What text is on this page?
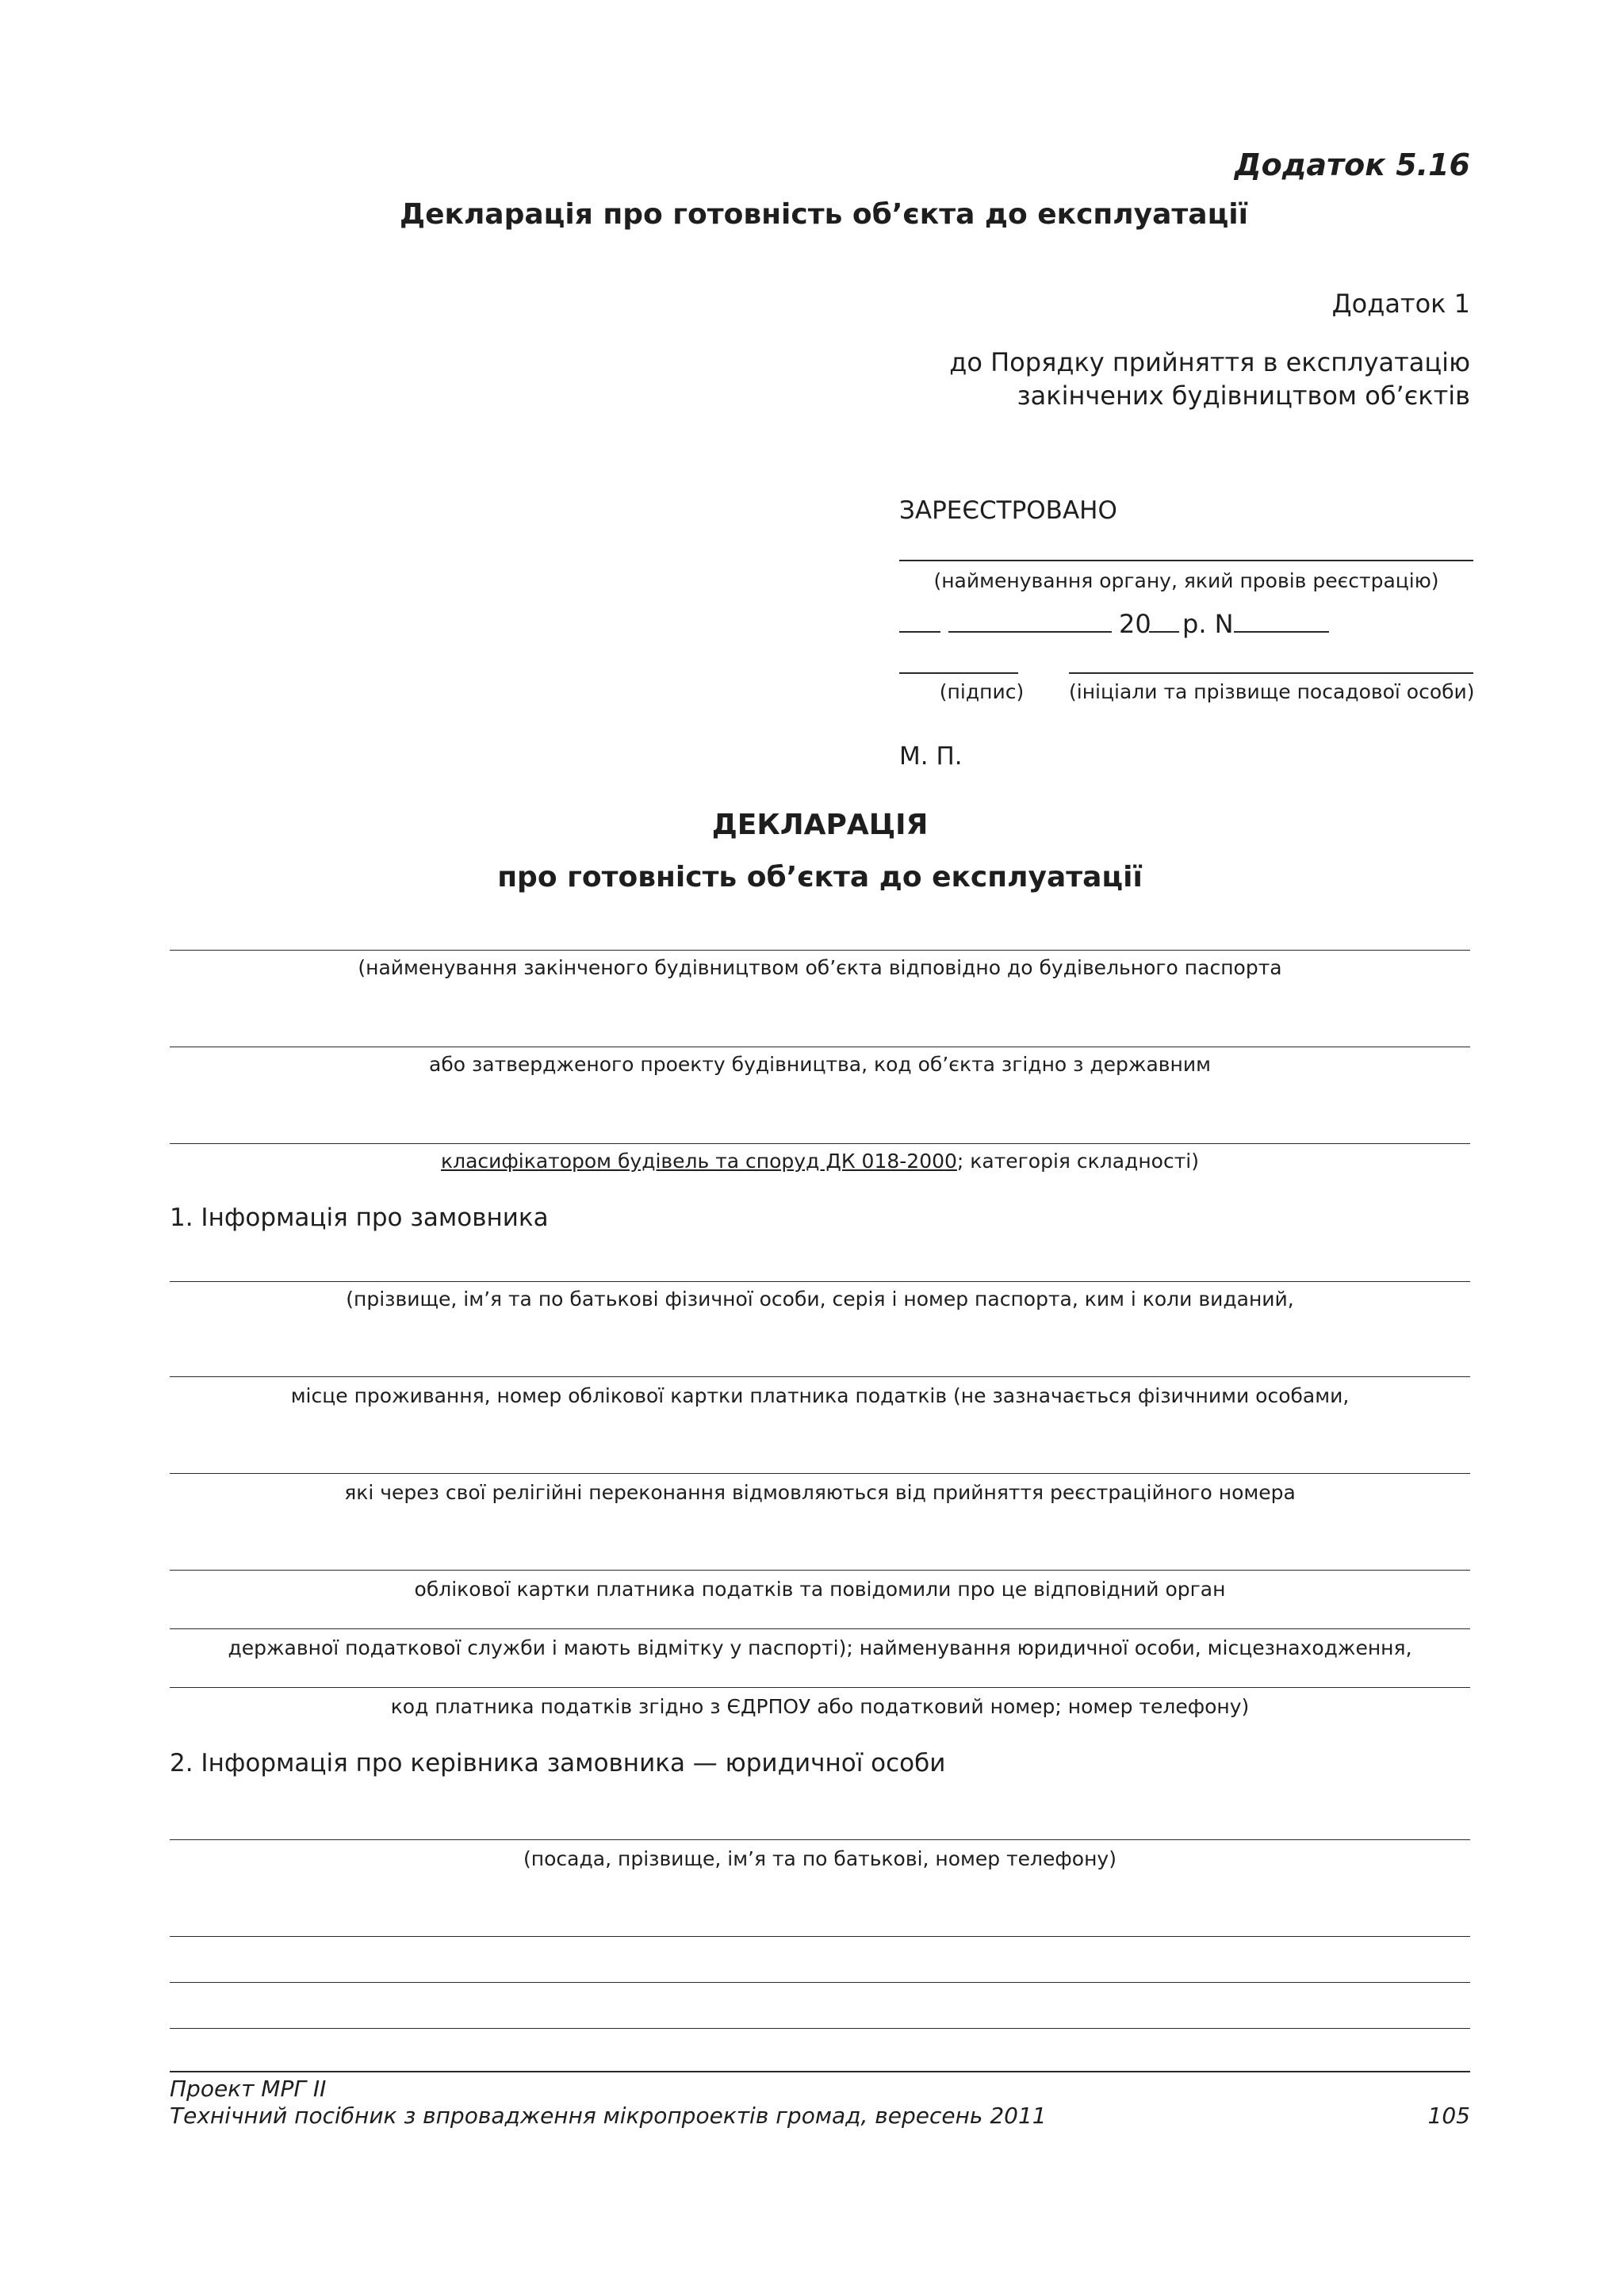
Додаток 5.16
Декларація про готовність об’єкта до експлуатації
Додаток 1
до Порядку прийняття в експлуатацію
закінчених будівництвом об’єктів
ЗАРЕЄСТРОВАНО
(найменування органу, який провів реєстрацію)
20 р. N
(підпис)	(ініціали та прізвище посадової особи)
М. П.
ДЕКЛАРАЦІЯ
про готовність об’єкта до експлуатації
(найменування закінченого будівництвом об’єкта відповідно до будівельного паспорта
або затвердженого проекту будівництва, код об’єкта згідно з державним
класифікатором будівель та споруд ДК 018-2000; категорія складності)
1. Інформація про замовника
(прізвище, ім’я та по батькові фізичної особи, серія і номер паспорта, ким і коли виданий,
місце проживання, номер облікової картки платника податків (не зазначається фізичними особами,
які через свої релігійні переконання відмовляються від прийняття реєстраційного номера
облікової картки платника податків та повідомили про це відповідний орган
державної податкової служби і мають відмітку у паспорті); найменування юридичної особи, місцезнаходження,
код платника податків згідно з ЄДРПОУ або податковий номер; номер телефону)
2. Інформація про керівника замовника — юридичної особи
(посада, прізвище, ім’я та по батькові, номер телефону)
Проект МРГ ІІ
Технічний посібник з впровадження мікропроектів громад, вересень 2011	105
